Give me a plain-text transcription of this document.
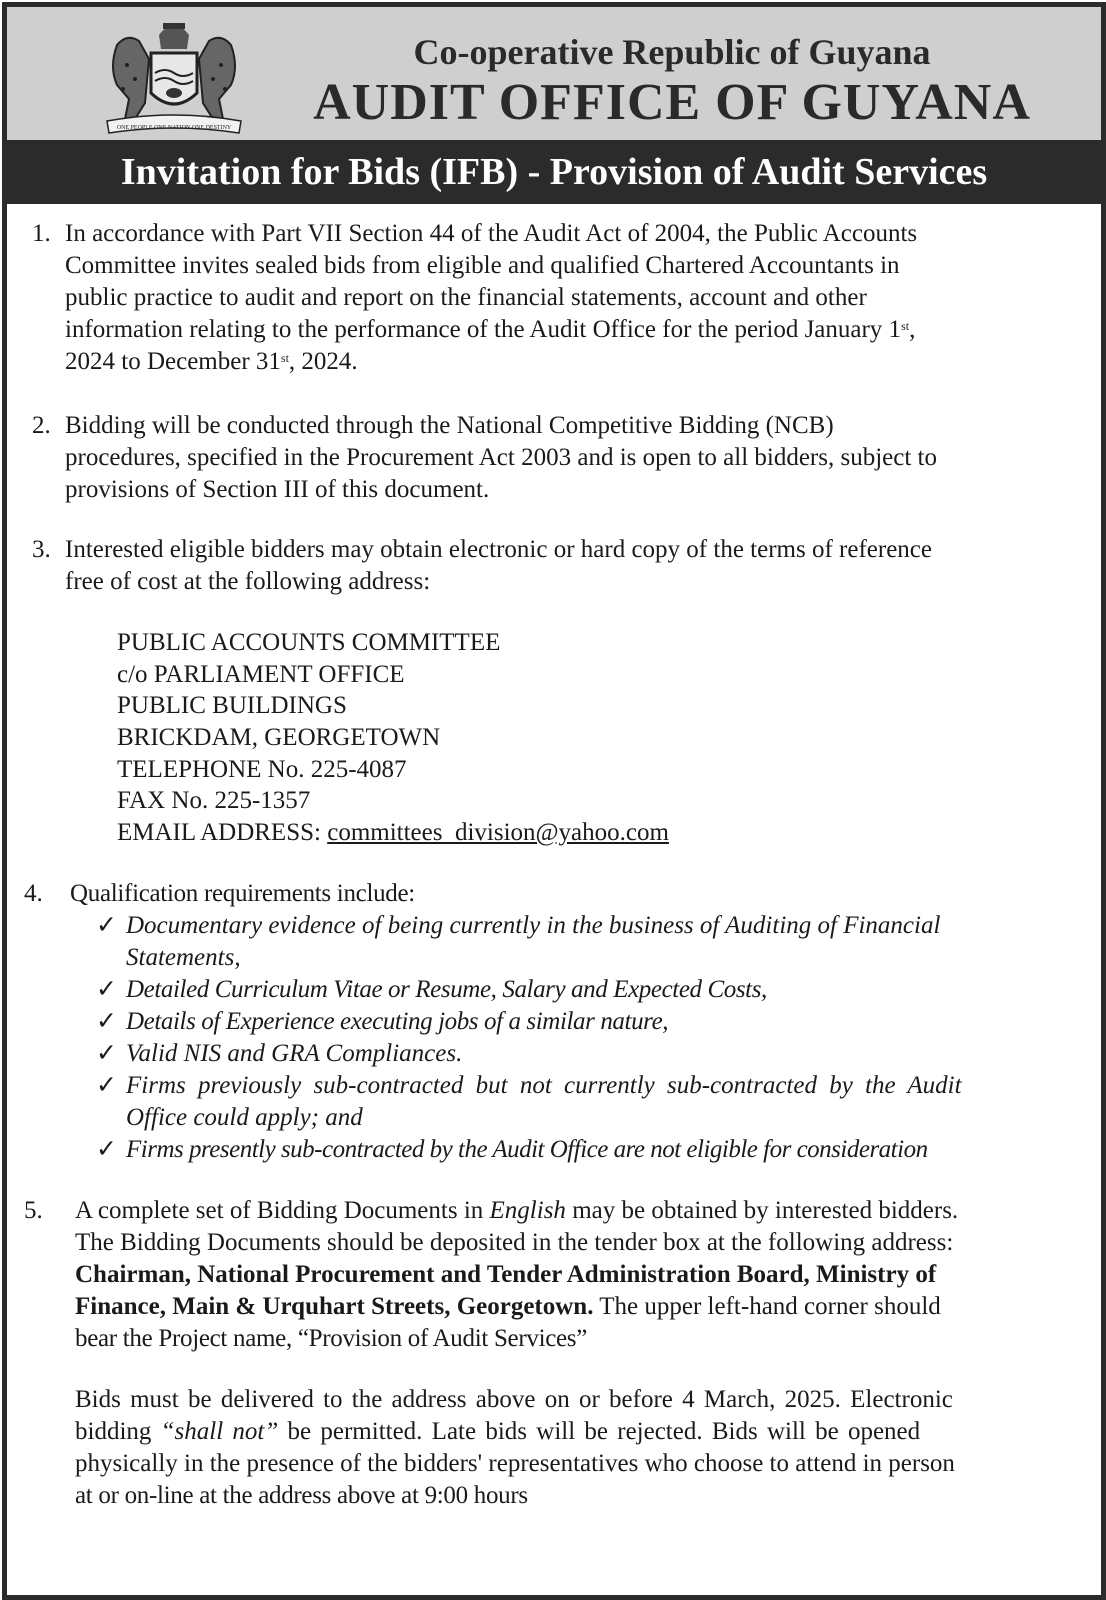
ONE PEOPLE ONE NATION ONE DESTINY
Co-operative Republic of Guyana
AUDIT OFFICE OF GUYANA
Invitation for Bids (IFB) - Provision of Audit Services
1. In accordance with Part VII Section 44 of the Audit Act of 2004, the Public Accounts
Committee invites sealed bids from eligible and qualified Chartered Accountants in
public practice to audit and report on the financial statements, account and other
information relating to the performance of the Audit Office for the period January 1st,
2024 to December 31st, 2024.
2. Bidding will be conducted through the National Competitive Bidding (NCB)
procedures, specified in the Procurement Act 2003 and is open to all bidders, subject to
provisions of Section III of this document.
3. Interested eligible bidders may obtain electronic or hard copy of the terms of reference
free of cost at the following address:
PUBLIC ACCOUNTS COMMITTEE
c/o PARLIAMENT OFFICE
PUBLIC BUILDINGS
BRICKDAM, GEORGETOWN
TELEPHONE No. 225-4087
FAX No. 225-1357
EMAIL ADDRESS: committees_division@yahoo.com
4. Qualification requirements include:
✓ Documentary evidence of being currently in the business of Auditing of Financial
Statements,
✓ Detailed Curriculum Vitae or Resume, Salary and Expected Costs,
✓ Details of Experience executing jobs of a similar nature,
✓ Valid NIS and GRA Compliances.
✓ Firms previously sub-contracted but not currently sub-contracted by the Audit
Office could apply; and
✓ Firms presently sub-contracted by the Audit Office are not eligible for consideration
5. A complete set of Bidding Documents in English may be obtained by interested bidders.
The Bidding Documents should be deposited in the tender box at the following address:
Chairman, National Procurement and Tender Administration Board, Ministry of
Finance, Main & Urquhart Streets, Georgetown. The upper left-hand corner should
bear the Project name, “Provision of Audit Services”
Bids must be delivered to the address above on or before 4 March, 2025. Electronic
bidding “shall not” be permitted. Late bids will be rejected. Bids will be opened
physically in the presence of the bidders' representatives who choose to attend in person
at or on-line at the address above at 9:00 hours
